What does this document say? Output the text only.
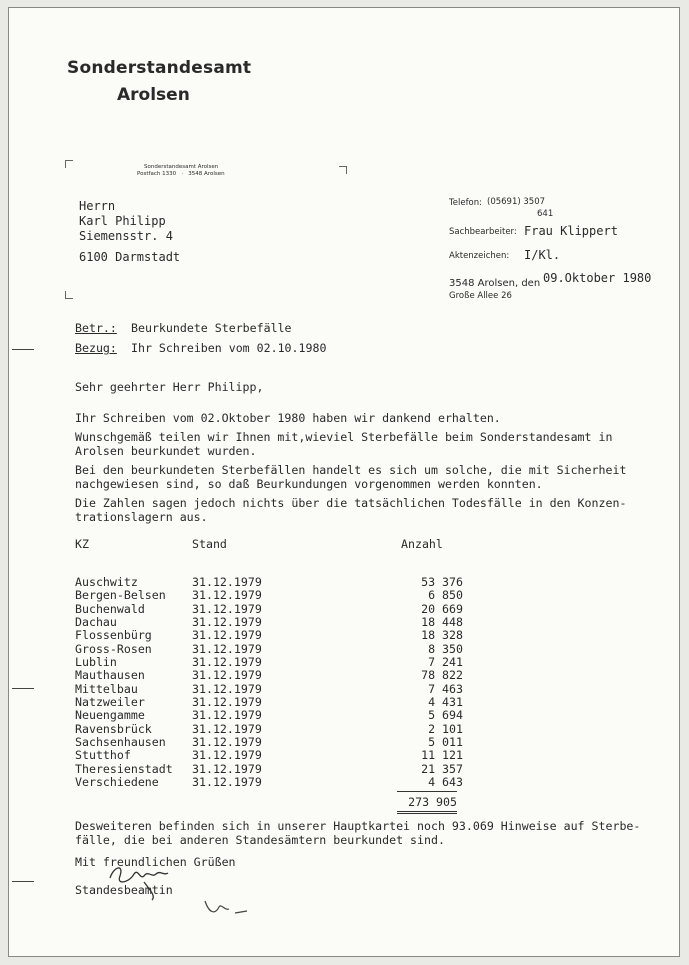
Sonderstandesamt
Arolsen
Sonderstandesamt Arolsen
Postfach 1330   ·   3548 Arolsen
Herrn
Karl Philipp
Siemensstr. 4
6100 Darmstadt
Telefon: (05691) 3507
641
Sachbearbeiter: Frau Klippert
Aktenzeichen: I/Kl.
3548 Arolsen, den 09.Oktober 1980
Große Allee 26
Betr.: Beurkundete Sterbefälle
Bezug: Ihr Schreiben vom 02.10.1980
Sehr geehrter Herr Philipp,
Ihr Schreiben vom 02.Oktober 1980 haben wir dankend erhalten.
Wunschgemäß teilen wir Ihnen mit,wieviel Sterbefälle beim Sonderstandesamt in
Arolsen beurkundet wurden.
Bei den beurkundeten Sterbefällen handelt es sich um solche, die mit Sicherheit
nachgewiesen sind, so daß Beurkundungen vorgenommen werden konnten.
Die Zahlen sagen jedoch nichts über die tatsächlichen Todesfälle in den Konzen-
trationslagern aus.
KZ	Stand	Anzahl
Auschwitz	31.12.1979	53 376
Bergen-Belsen 31.12.1979	6 850
Buchenwald	31.12.1979	20 669
Dachau	31.12.1979	18 448
Flossenbürg	31.12.1979	18 328
Gross-Rosen	31.12.1979	8 350
Lublin	31.12.1979	7 241
Mauthausen	31.12.1979	78 822
Mittelbau	31.12.1979	7 463
Natzweiler	31.12.1979	4 431
Neuengamme	31.12.1979	5 694
Ravensbrück	31.12.1979	2 101
Sachsenhausen 31.12.1979	5 011
Stutthof	31.12.1979	11 121
Theresienstadt 31.12.1979	21 357
Verschiedene	31.12.1979	4 643
273 905
Desweiteren befinden sich in unserer Hauptkartei noch 93.069 Hinweise auf Sterbe-
fälle, die bei anderen Standesämtern beurkundet sind.
Mit freundlichen Grüßen
Standesbeamtin
